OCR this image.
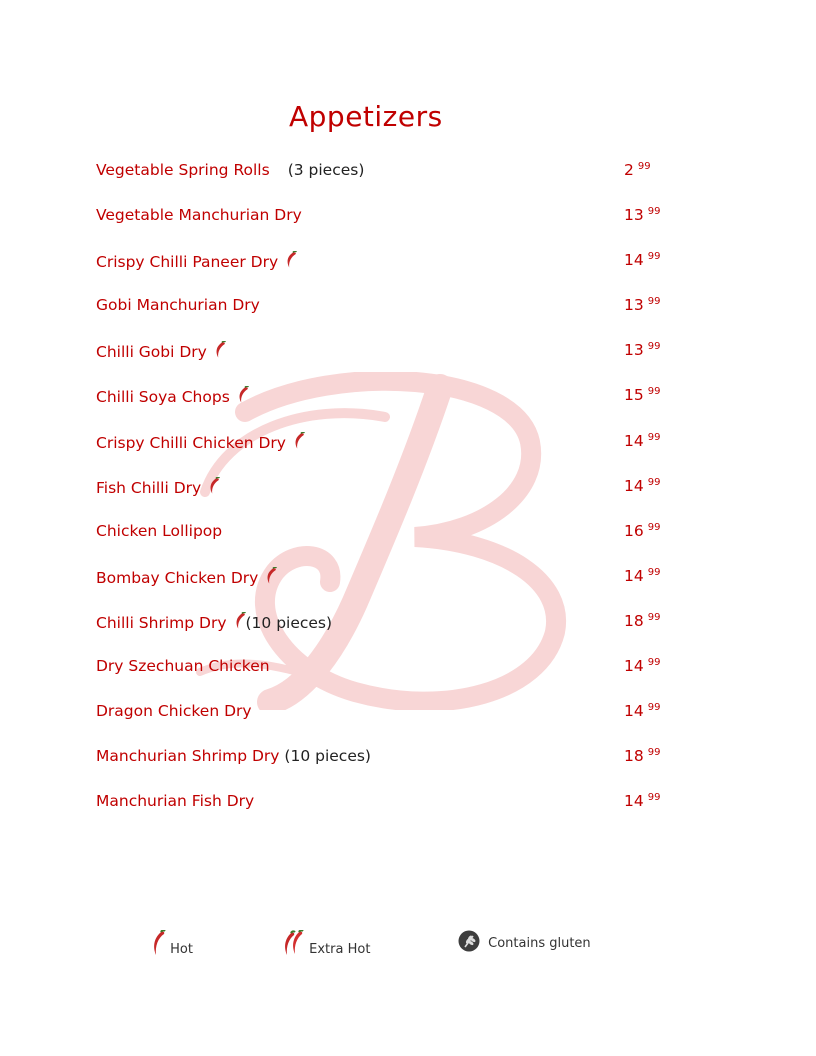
Appetizers
Vegetable Spring Rolls (3 pieces)	2 $^{99}$
Vegetable Manchurian Dry	13 $^{99}$
Crispy Chilli Paneer Dry	14 $^{99}$
Gobi Manchurian Dry	13 $^{99}$
Chilli Gobi Dry	13 $^{99}$
Chilli Soya Chops	15 $^{99}$
Crispy Chilli Chicken Dry	14 $^{99}$
Fish Chilli Dry	14 $^{99}$
Chicken Lollipop	16 $^{99}$
Bombay Chicken Dry	14 $^{99}$
Chilli Shrimp Dry (10 pieces)	18 $^{99}$
Dry Szechuan Chicken	14 $^{99}$
Dragon Chicken Dry	14 $^{99}$
Manchurian Shrimp Dry (10 pieces)	18 $^{99}$
Manchurian Fish Dry	14 $^{99}$
Hot	Extra Hot	Contains gluten
